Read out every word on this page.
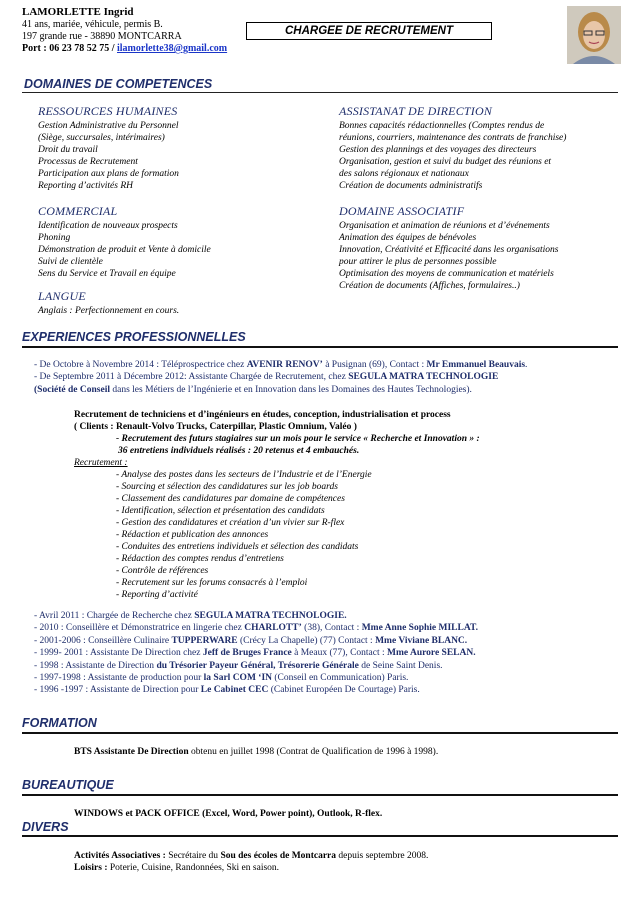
LAMORLETTE Ingrid
41 ans, mariée, véhicule, permis B.
197 grande rue - 38890 MONTCARRA
Port : 06 23 78 52 75 / ilamorlette38@gmail.com
CHARGEE DE RECRUTEMENT
DOMAINES DE COMPETENCES
RESSOURCES HUMAINES
Gestion Administrative du Personnel
(Siège, succursales, intérimaires)
Droit du travail
Processus de Recrutement
Participation aux plans de formation
Reporting d’activités RH
ASSISTANAT DE DIRECTION
Bonnes capacités rédactionnelles (Comptes rendus de
réunions, courriers, maintenance des contrats de franchise)
Gestion des plannings et des voyages des directeurs
Organisation, gestion et suivi du budget des réunions et
des salons régionaux et nationaux
Création de documents administratifs
COMMERCIAL
Identification de nouveaux prospects
Phoning
Démonstration de produit et Vente à domicile
Suivi de clientèle
Sens du Service et Travail en équipe
DOMAINE ASSOCIATIF
Organisation et animation de réunions et d’événements
Animation des équipes de bénévoles
Innovation, Créativité et Efficacité dans les organisations
pour attirer le plus de personnes possible
Optimisation des moyens de communication et matériels
Création de documents (Affiches, formulaires..)
LANGUE
Anglais : Perfectionnement en cours.
EXPERIENCES PROFESSIONNELLES
- De Octobre à Novembre 2014 : Téléprospectrice chez AVENIR RENOV’ à Pusignan (69), Contact : Mr Emmanuel Beauvais.
- De Septembre 2011 à Décembre 2012: Assistante Chargée de Recrutement, chez SEGULA MATRA TECHNOLOGIE
(Société de Conseil dans les Métiers de l’Ingénierie et en Innovation dans les Domaines des Hautes Technologies).
Recrutement de techniciens et d’ingénieurs en études, conception, industrialisation et process
( Clients : Renault-Volvo Trucks, Caterpillar, Plastic Omnium, Valéo )
- Recrutement des futurs stagiaires sur un mois pour le service « Recherche et Innovation » :
36 entretiens individuels réalisés : 20 retenus et 4 embauchés.
Recrutement :
- Analyse des postes dans les secteurs de l’Industrie et de l’Energie
- Sourcing et sélection des candidatures sur les job boards
- Classement des candidatures par domaine de compétences
- Identification, sélection et présentation des candidats
- Gestion des candidatures et création d’un vivier sur R-flex
- Rédaction et publication des annonces
- Conduites des entretiens individuels et sélection des candidats
- Rédaction des comptes rendus d’entretiens
- Contrôle de références
- Recrutement sur les forums consacrés à l’emploi
- Reporting d’activité
- Avril 2011 : Chargée de Recherche chez SEGULA MATRA TECHNOLOGIE.
- 2010 : Conseillère et Démonstratrice en lingerie chez CHARLOTT’ (38), Contact : Mme Anne Sophie MILLAT.
- 2001-2006 : Conseillère Culinaire TUPPERWARE (Crécy La Chapelle) (77) Contact : Mme Viviane BLANC.
- 1999- 2001 : Assistante De Direction chez Jeff de Bruges France à Meaux (77), Contact : Mme Aurore SELAN.
- 1998 : Assistante de Direction du Trésorier Payeur Général, Trésorerie Générale de Seine Saint Denis.
- 1997-1998 : Assistante de production pour la Sarl COM ‘IN (Conseil en Communication) Paris.
- 1996 -1997 : Assistante de Direction pour Le Cabinet CEC (Cabinet Européen De Courtage) Paris.
FORMATION
BTS Assistante De Direction obtenu en juillet 1998 (Contrat de Qualification de 1996 à 1998).
BUREAUTIQUE
WINDOWS et PACK OFFICE (Excel, Word, Power point), Outlook, R-flex.
DIVERS
Activités Associatives : Secrétaire du Sou des écoles de Montcarra depuis septembre 2008.
Loisirs : Poterie, Cuisine, Randonnées, Ski en saison.
